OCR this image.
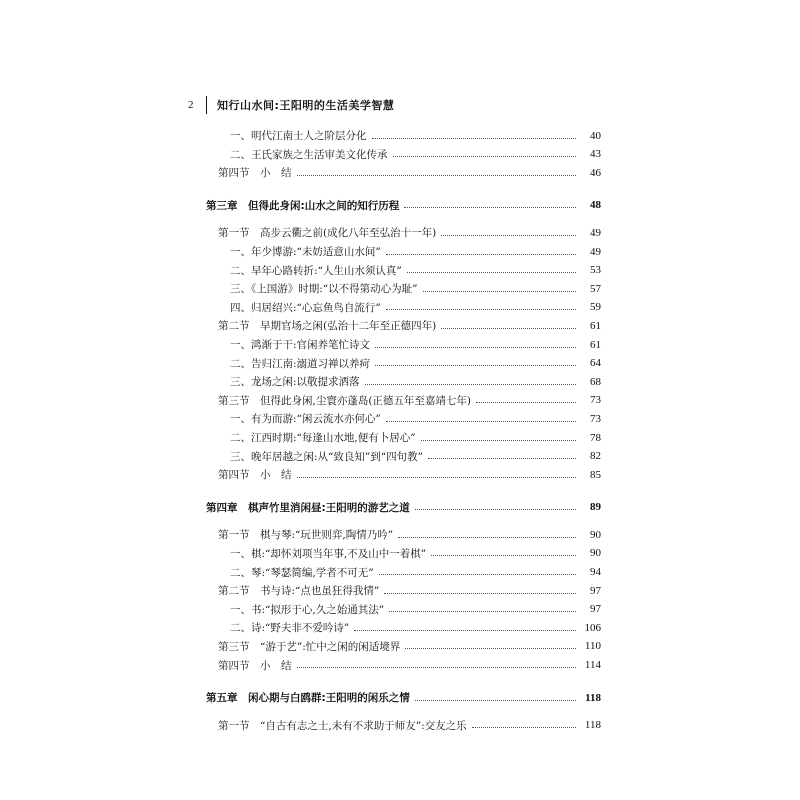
2	知行山水间:王阳明的生活美学智慧
一、明代江南士人之阶层分化	40
二、王氏家族之生活审美文化传承	43
第四节　小　结	46
第三章　但得此身闲:山水之间的知行历程	48
第一节　高步云衢之前(成化八年至弘治十一年)	49
一、年少博游:“未妨适意山水间”	49
二、早年心路转折:“人生山水须认真”	53
三、《上国游》时期:“以不得第动心为耻”	57
四、归居绍兴:“心忘鱼鸟自流行”	59
第二节　早期官场之闲(弘治十二年至正德四年)	61
一、鸿渐于干:官闲养笔忙诗文	61
二、告归江南:溺道习禅以养疴	64
三、龙场之闲:以敬提求洒落	68
第三节　但得此身闲,尘寰亦蓬岛(正德五年至嘉靖七年)	73
一、有为而游:“闲云流水亦何心”	73
二、江西时期:“每逢山水地,便有卜居心”	78
三、晚年居越之闲:从“致良知”到“四句教”	82
第四节　小　结	85
第四章　棋声竹里消闲昼:王阳明的游艺之道	89
第一节　棋与琴:“玩世则弈,陶情乃吟”	90
一、棋:“却怀刘项当年事,不及山中一着棋”	90
二、琴:“琴瑟简编,学者不可无”	94
第二节　书与诗:“点也虽狂得我情”	97
一、书:“拟形于心,久之始通其法”	97
二、诗:“野夫非不爱吟诗”	106
第三节　“游于艺”:忙中之闲的闲适境界	110
第四节　小　结	114
第五章　闲心期与白鸥群:王阳明的闲乐之情	118
第一节　“自古有志之士,未有不求助于师友”:交友之乐	118
